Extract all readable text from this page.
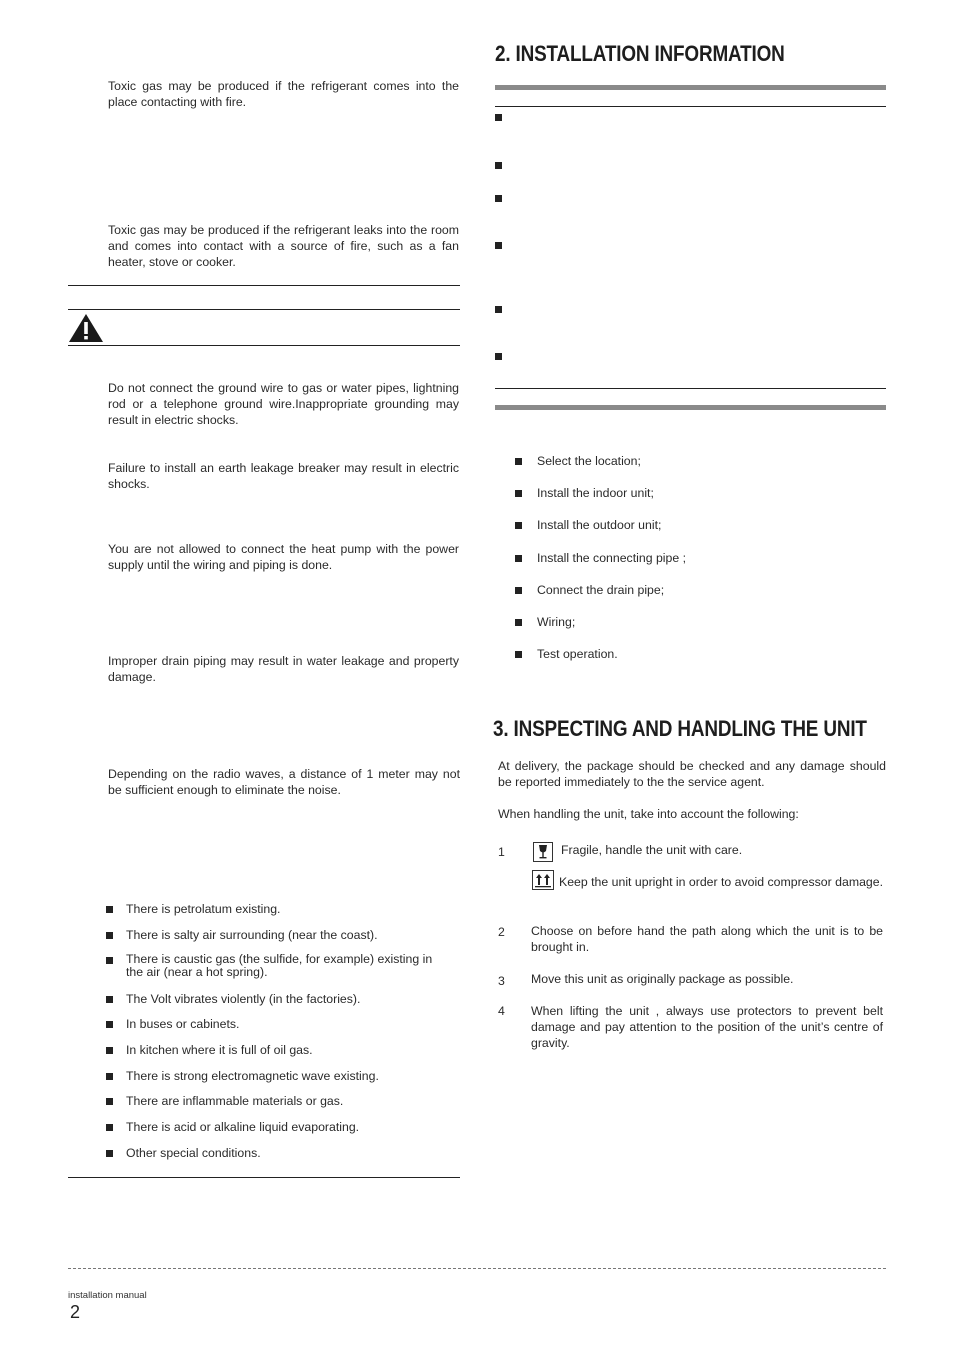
Toxic gas may be produced if the refrigerant comes into the place contacting with fire.
Toxic gas may be produced if the refrigerant leaks into the room and comes into contact with a source of fire, such as a fan heater, stove or cooker.
Do not connect the ground wire to gas or water pipes, lightning rod or a telephone ground wire.Inappropriate grounding may result in electric shocks.
Failure to install an earth leakage breaker may result in electric shocks.
You are not allowed to connect the heat pump with the power supply until the wiring and piping is done.
Improper drain piping may result in water leakage and property damage.
Depending on the radio waves, a distance of 1 meter may not be sufficient enough to eliminate the noise.
There is petrolatum existing.
There is salty air surrounding (near the coast).
There is caustic gas (the sulfide, for example) existing in the air (near a hot spring).
The Volt vibrates violently (in the factories).
In buses or cabinets.
In kitchen where it is full of oil gas.
There is strong electromagnetic wave existing.
There are inflammable materials or gas.
There is acid or alkaline liquid evaporating.
Other special conditions.
2. INSTALLATION INFORMATION
Select the location;
Install the indoor unit;
Install the outdoor unit;
Install the connecting pipe ;
Connect the drain pipe;
Wiring;
Test operation.
3. INSPECTING AND HANDLING THE UNIT
At delivery, the package should be checked and any damage should be reported immediately to the the service agent.
When handling the unit, take into account the following:
1	Fragile, handle the unit with care.
Keep the unit upright in order to avoid compressor damage.
2 Choose on before hand the path along which the unit is to be brought in.
3 Move this unit as originally package as possible.
4 When lifting the unit , always use protectors to prevent belt damage and pay attention to the position of the unit’s centre of gravity.
installation manual
2
